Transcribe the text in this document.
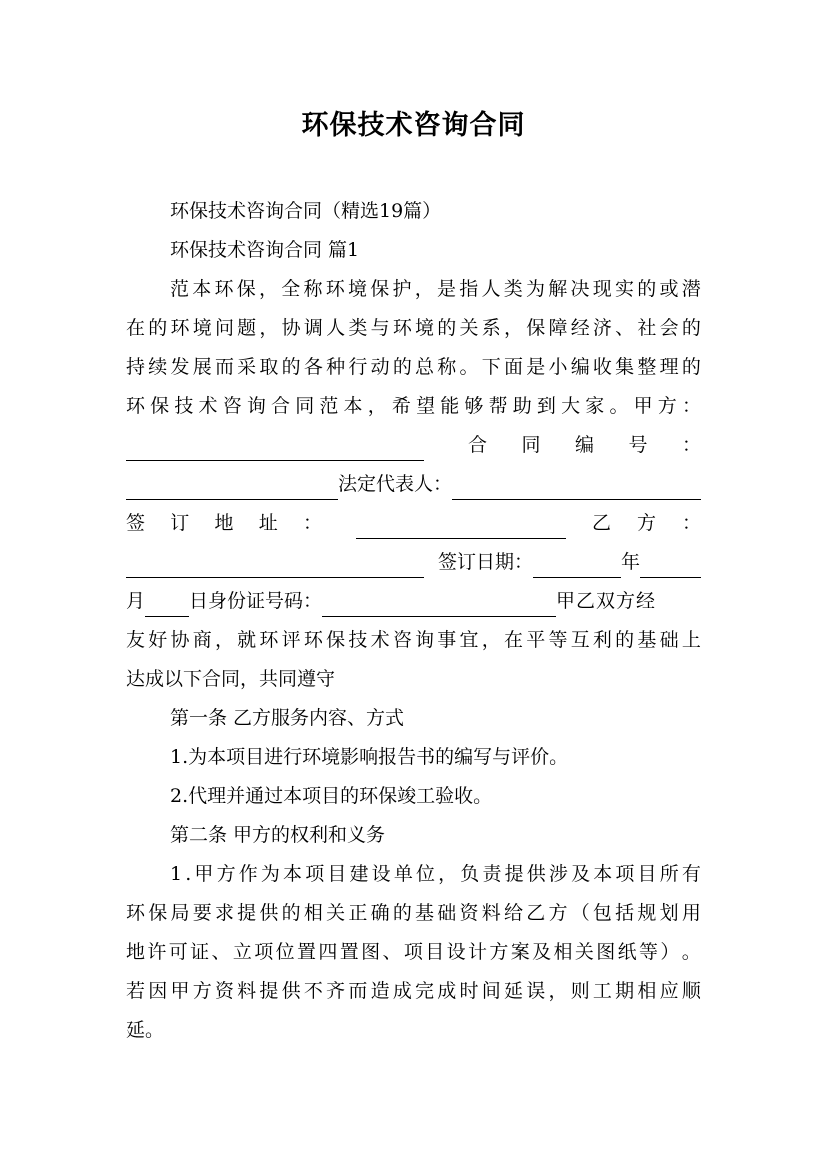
环保技术咨询合同
环保技术咨询合同（精选19篇）
环保技术咨询合同 篇1
范 本 环 保 ， 全 称 环 境 保 护 ， 是 指 人 类 为 解 决 现 实 的 或 潜
在 的 环 境 问 题 ， 协 调 人 类 与 环 境 的 关 系 ， 保 障 经 济 、 社 会 的
持 续 发 展 而 采 取 的 各 种 行 动 的 总 称 。 下 面 是 小 编 收 集 整 理 的
环 保 技 术 咨 询 合 同 范 本 ， 希 望 能 够 帮 助 到 大 家 。 甲 方 ：
合 同 编 号 ：
法定代表人：
签 订 地 址 ：	乙 方 ：
签订日期：	年
月 日身份证号码：	甲乙双方经
友 好 协 商 ， 就 环 评 环 保 技 术 咨 询 事 宜 ， 在 平 等 互 利 的 基 础 上
达成以下合同，共同遵守
第一条 乙方服务内容、方式
1.为本项目进行环境影响报告书的编写与评价。
2.代理并通过本项目的环保竣工验收。
第二条 甲方的权利和义务
1 . 甲 方 作 为 本 项 目 建 设 单 位 ， 负 责 提 供 涉 及 本 项 目 所 有
环 保 局 要 求 提 供 的 相 关 正 确 的 基 础 资 料 给 乙 方 （ 包 括 规 划 用
地 许 可 证 、 立 项 位 置 四 置 图 、 项 目 设 计 方 案 及 相 关 图 纸 等 ） 。
若 因 甲 方 资 料 提 供 不 齐 而 造 成 完 成 时 间 延 误 ， 则 工 期 相 应 顺
延。
